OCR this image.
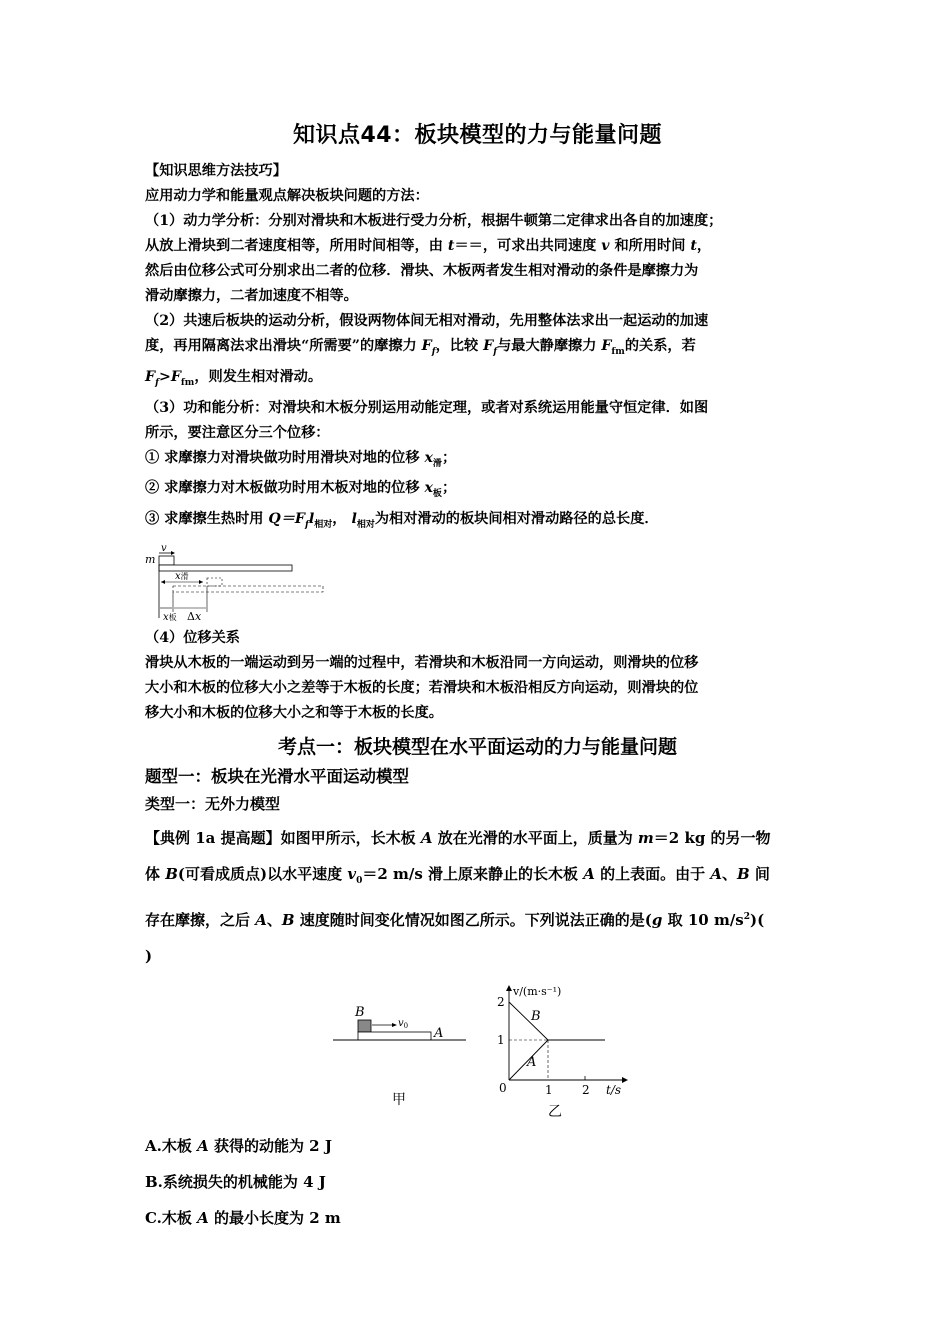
知识点44：板块模型的力与能量问题

【知识思维方法技巧】

应用动力学和能量观点解决板块问题的方法：

（1）动力学分析：分别对滑块和木板进行受力分析，根据牛顿第二定律求出各自的加速度；
从放上滑块到二者速度相等，所用时间相等，由 t＝＝，可求出共同速度 v 和所用时间 t，
然后由位移公式可分别求出二者的位移．滑块、木板两者发生相对滑动的条件是摩擦力为
滑动摩擦力，二者加速度不相等。

（2）共速后板块的运动分析，假设两物体间无相对滑动，先用整体法求出一起运动的加速
度，再用隔离法求出滑块“所需要”的摩擦力 $F_f$，比较 $F_f$与最大静摩擦力 $F_{fm}$的关系，若
$F_f>F_{fm}$，则发生相对滑动。

（3）功和能分析：对滑块和木板分别运用动能定理，或者对系统运用能量守恒定律．如图
所示，要注意区分三个位移：
① 求摩擦力对滑块做功时用滑块对地的位移 $x_滑$；
② 求摩擦力对木板做功时用木板对地的位移 $x_板$；
③ 求摩擦生热时用 $Q=F_fl_{相对}$， $l_{相对}$为相对滑动的板块间相对滑动路径的总长度．

v
m
x滑
x板 Δx

（4）位移关系
滑块从木板的一端运动到另一端的过程中，若滑块和木板沿同一方向运动，则滑块的位移
大小和木板的位移大小之差等于木板的长度；若滑块和木板沿相反方向运动，则滑块的位
移大小和木板的位移大小之和等于木板的长度。

考点一：板块模型在水平面运动的力与能量问题
题型一：板块在光滑水平面运动模型
类型一：无外力模型

【典例 1a 提高题】如图甲所示，长木板 A 放在光滑的水平面上，质量为 m＝2 kg 的另一物
体 B(可看成质点)以水平速度 $v_0=2$ m/s 滑上原来静止的长木板 A 的上表面。由于 A、B 间
存在摩擦，之后 A、B 速度随时间变化情况如图乙所示。下列说法正确的是(g 取 10 $m/s^2$)(
)

B
$v_0$ A
甲
v/(m·s⁻¹)
t/s
2
1
0	1 2
B
A
乙

A.木板 A 获得的动能为 2 J

B.系统损失的机械能为 4 J

C.木板 A 的最小长度为 2 m
